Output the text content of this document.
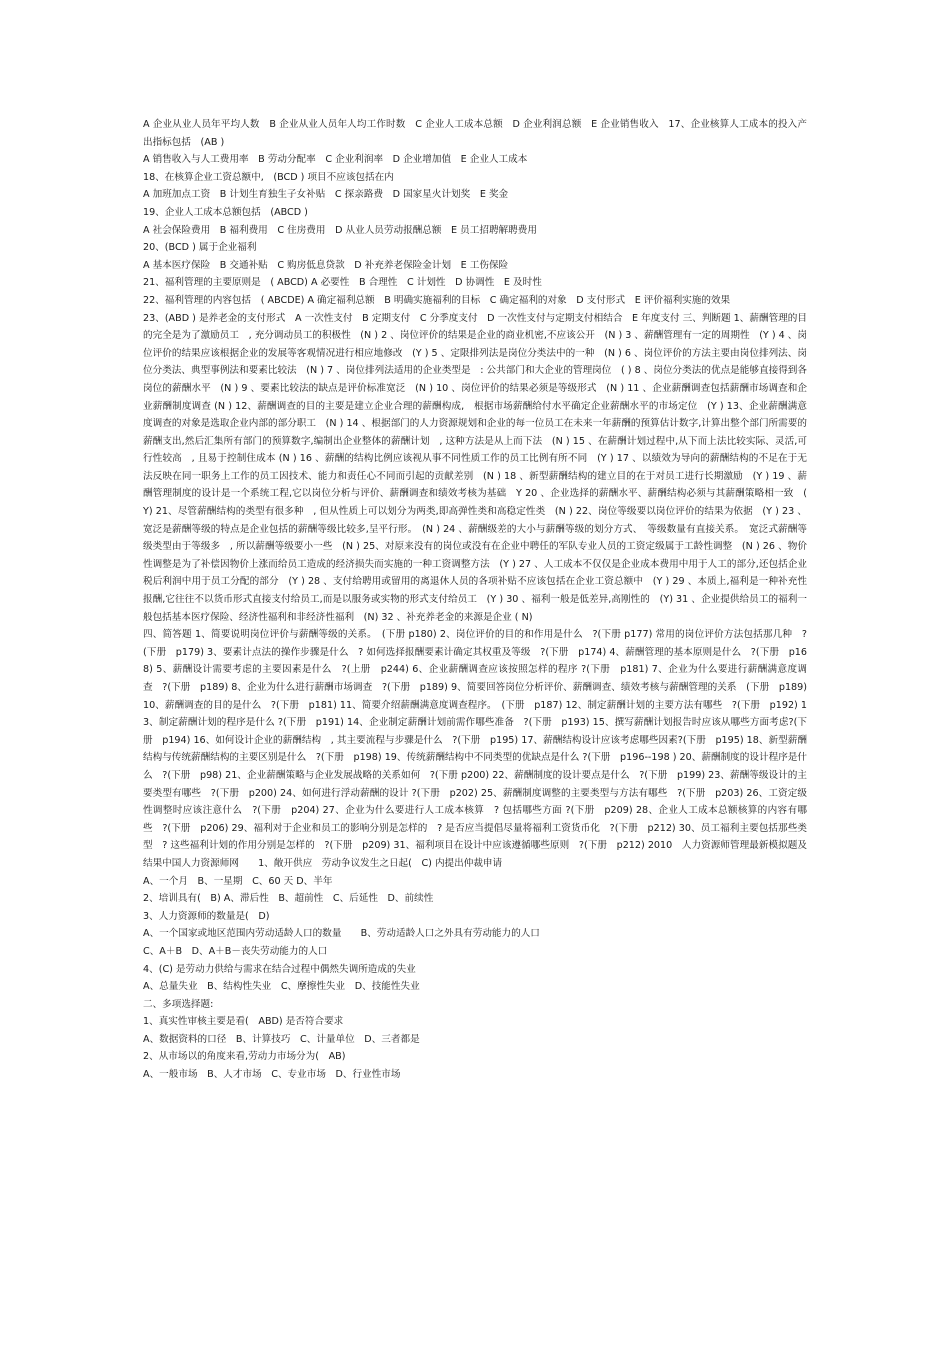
A 企业从业人员年平均人数　B 企业从业人员年人均工作时数　C 企业人工成本总额　D 企业利润总额　E 企业销售收入　17、企业核算人工成本的投入产出指标包括　(AB )

A 销售收入与人工费用率　B 劳动分配率　C 企业利润率　D 企业增加值　E 企业人工成本

18、在核算企业工资总额中,　(BCD ) 项目不应该包括在内

A 加班加点工资　B 计划生育独生子女补贴　C 探亲路费　D 国家星火计划奖　E 奖金

19、企业人工成本总额包括　(ABCD )

A 社会保险费用　B 福利费用　C 住房费用　D 从业人员劳动报酬总额　E 员工招聘解聘费用

20、(BCD ) 属于企业福利

A 基本医疗保险　B 交通补贴　C 购房低息贷款　D 补充养老保险金计划　E 工伤保险

21、福利管理的主要原则是　( ABCD) A 必要性　B 合理性　C 计划性　D 协调性　E 及时性

22、福利管理的内容包括　( ABCDE) A 确定福利总额　B 明确实施福利的目标　C 确定福利的对象　D 支付形式　E 评价福利实施的效果

23、(ABD ) 是养老金的支付形式　A 一次性支付　B 定期支付　C 分季度支付　D 一次性支付与定期支付相结合　E 年度支付 三、判断题 1、薪酬管理的目的完全是为了激励员工　, 充分调动员工的积极性　(N ) 2 、岗位评价的结果是企业的商业机密,不应该公开　(N ) 3 、薪酬管理有一定的周期性　(Y ) 4 、岗位评价的结果应该根据企业的发展等客观情况进行相应地修改　(Y ) 5 、定限排列法是岗位分类法中的一种　(N ) 6 、岗位评价的方法主要由岗位排列法、岗位分类法、典型事例法和要素比较法　(N ) 7 、岗位排列法适用的企业类型是　: 公共部门和大企业的管理岗位　( ) 8 、岗位分类法的优点是能够直接得到各岗位的薪酬水平　(N ) 9 、要素比较法的缺点是评价标准宽泛　(N ) 10 、岗位评价的结果必须是等级形式　(N ) 11 、企业薪酬调查包括薪酬市场调查和企业薪酬制度调查 (N ) 12、薪酬调查的目的主要是建立企业合理的薪酬构成,　根据市场薪酬给付水平确定企业薪酬水平的市场定位　(Y ) 13、企业薪酬满意度调查的对象是选取企业内部的部分职工　(N ) 14 、根据部门的人力资源规划和企业的每一位员工在未来一年薪酬的预算估计数字,计算出整个部门所需要的薪酬支出,然后汇集所有部门的预算数字,编制出企业整体的薪酬计划　, 这种方法是从上而下法　(N ) 15 、在薪酬计划过程中,从下而上法比较实际、灵活,可行性较高　, 且易于控制住成本 (N ) 16 、薪酬的结构比例应该视从事不同性质工作的员工比例有所不同　(Y ) 17 、以绩效为导向的薪酬结构的不足在于无法反映在同一职务上工作的员工因技术、能力和责任心不同而引起的贡献差别　(N ) 18 、新型薪酬结构的建立目的在于对员工进行长期激励　(Y ) 19 、薪酬管理制度的设计是一个系统工程,它以岗位分析与评价、薪酬调查和绩效考核为基础　Y 20 、企业选择的薪酬水平、薪酬结构必须与其薪酬策略相一致　( Y) 21、尽管薪酬结构的类型有很多种　, 但从性质上可以划分为两类,即高弹性类和高稳定性类　(N ) 22、岗位等级要以岗位评价的结果为依据　(Y ) 23 、宽泛是薪酬等级的特点是企业包括的薪酬等级比较多,呈平行形。　(N ) 24 、薪酬级差的大小与薪酬等级的划分方式、　等级数量有直接关系。　宽泛式薪酬等级类型由于等级多　, 所以薪酬等级要小一些　(N ) 25、对原来没有的岗位或没有在企业中聘任的军队专业人员的工资定级属于工龄性调整　(N ) 26 、物价性调整是为了补偿因物价上涨而给员工造成的经济损失而实施的一种工资调整方法　(Y ) 27 、人工成本不仅仅是企业成本费用中用于人工的部分,还包括企业税后利润中用于员工分配的部分　(Y ) 28 、支付给聘用或留用的离退休人员的各项补贴不应该包括在企业工资总额中　(Y ) 29 、本质上,福利是一种补充性报酬,它往往不以货币形式直接支付给员工,而是以服务或实物的形式支付给员工　(Y ) 30 、福利一般是低差异,高刚性的　(Y) 31 、企业提供给员工的福利一般包括基本医疗保险、经济性福利和非经济性福利　(N) 32 、补充养老金的来源是企业 ( N)

四、简答题 1、简要说明岗位评价与薪酬等级的关系。　(下册 p180) 2、岗位评价的目的和作用是什么　?(下册 p177) 常用的岗位评价方法包括那几种　?(下册　p179) 3、要素计点法的操作步骤是什么　? 如何选择报酬要素计确定其权重及等级　?(下册　p174) 4、薪酬管理的基本原则是什么　?(下册　p168) 5、薪酬设计需要考虑的主要因素是什么　?(上册　p244) 6、企业薪酬调查应该按照怎样的程序 ?(下册　p181) 7、企业为什么要进行薪酬满意度调查　?(下册　p189) 8、企业为什么进行薪酬市场调查　?(下册　p189) 9、简要回答岗位分析评价、薪酬调查、绩效考核与薪酬管理的关系　(下册　p189) 10、薪酬调查的目的是什么　?(下册　p181) 11、简要介绍薪酬满意度调查程序。　(下册　p187) 12、制定薪酬计划的主要方法有哪些　?(下册　p192) 13、制定薪酬计划的程序是什么 ?(下册　p191) 14、企业制定薪酬计划前需作哪些准备　?(下册　p193) 15、撰写薪酬计划报告时应该从哪些方面考虑?(下册　p194) 16、如何设计企业的薪酬结构　, 其主要流程与步骤是什么　?(下册　p195) 17、薪酬结构设计应该考虑哪些因素?(下册　p195) 18、新型薪酬结构与传统薪酬结构的主要区别是什么　?(下册　p198) 19、传统薪酬结构中不同类型的优缺点是什么 ?(下册　p196--198 ) 20、薪酬制度的设计程序是什么　?(下册　p98) 21、企业薪酬策略与企业发展战略的关系如何　?(下册 p200) 22、薪酬制度的设计要点是什么　?(下册　p199) 23、薪酬等级设计的主要类型有哪些　?(下册　p200) 24、如何进行浮动薪酬的设计 ?(下册　p202) 25、薪酬制度调整的主要类型与方法有哪些　?(下册　p203) 26、工资定级性调整时应该注意什么　?(下册　p204) 27、企业为什么要进行人工成本核算　? 包括哪些方面 ?(下册　p209) 28、企业人工成本总额核算的内容有哪些　?(下册　p206) 29、福利对于企业和员工的影响分别是怎样的　? 是否应当提倡尽量将福利工资货币化　?(下册　p212) 30、员工福利主要包括那些类型　? 这些福利计划的作用分别是怎样的　?(下册　p209) 31、福利项目在设计中应该遵循哪些原则　?(下册　p212) 2010　人力资源师管理最新模拟题及结果中国人力资源师网　　1、敞开供应　劳动争议发生之日起(　C) 内提出仲裁申请

A、一个月　B、一星期　C、60 天 D、半年

2、培训具有(　B) A、滞后性　B、超前性　C、后延性　D、前续性

3、人力资源师的数量是(　D)

A、一个国家或地区范围内劳动适龄人口的数量　　B、劳动适龄人口之外具有劳动能力的人口

C、A＋B　D、A＋B－丧失劳动能力的人口

4、(C) 是劳动力供给与需求在结合过程中偶然失调所造成的失业

A、总量失业　B、结构性失业　C、摩擦性失业　D、技能性失业

二、多项选择题:

1、真实性审核主要是看(　ABD) 是否符合要求

A、数据资料的口径　B、计算技巧　C、计量单位　D、三者都是

2、从市场以的角度来看,劳动力市场分为(　AB)

A、一般市场　B、人才市场　C、专业市场　D、行业性市场
